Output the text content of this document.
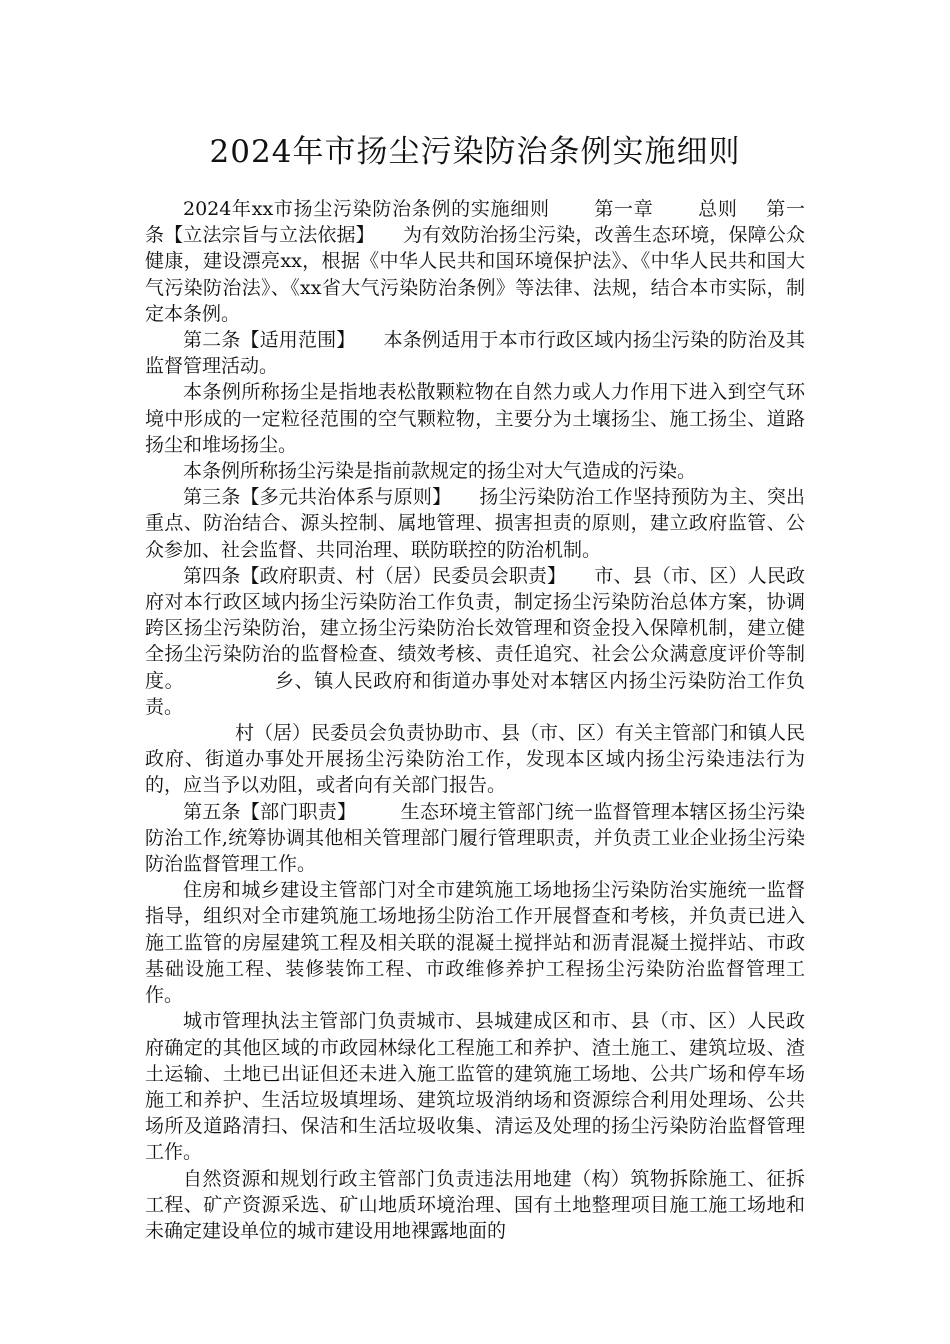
2024年市扬尘污染防治条例实施细则

2024年xx市扬尘污染防治条例的实施细则 第一章 总则 第一条【立法宗旨与立法依据】 为有效防治扬尘污染，改善生态环境，保障公众健康，建设漂亮xx，根据《中华人民共和国环境保护法》、《中华人民共和国大气污染防治法》、《xx省大气污染防治条例》等法律、法规，结合本市实际，制定本条例。

第二条【适用范围】 本条例适用于本市行政区域内扬尘污染的防治及其监督管理活动。

本条例所称扬尘是指地表松散颗粒物在自然力或人力作用下进入到空气环境中形成的一定粒径范围的空气颗粒物，主要分为土壤扬尘、施工扬尘、道路扬尘和堆场扬尘。

本条例所称扬尘污染是指前款规定的扬尘对大气造成的污染。

第三条【多元共治体系与原则】 扬尘污染防治工作坚持预防为主、突出重点、防治结合、源头控制、属地管理、损害担责的原则，建立政府监管、公众参加、社会监督、共同治理、联防联控的防治机制。

第四条【政府职责、村（居）民委员会职责】 市、县（市、区）人民政府对本行政区域内扬尘污染防治工作负责，制定扬尘污染防治总体方案，协调跨区扬尘污染防治，建立扬尘污染防治长效管理和资金投入保障机制，建立健全扬尘污染防治的监督检查、绩效考核、责任追究、社会公众满意度评价等制度。	乡、镇人民政府和街道办事处对本辖区内扬尘污染防治工作负责。

村（居）民委员会负责协助市、县（市、区）有关主管部门和镇人民政府、街道办事处开展扬尘污染防治工作，发现本区域内扬尘污染违法行为的，应当予以劝阻，或者向有关部门报告。

第五条【部门职责】 生态环境主管部门统一监督管理本辖区扬尘污染防治工作,统筹协调其他相关管理部门履行管理职责，并负责工业企业扬尘污染防治监督管理工作。

住房和城乡建设主管部门对全市建筑施工场地扬尘污染防治实施统一监督指导，组织对全市建筑施工场地扬尘防治工作开展督查和考核，并负责已进入施工监管的房屋建筑工程及相关联的混凝土搅拌站和沥青混凝土搅拌站、市政基础设施工程、装修装饰工程、市政维修养护工程扬尘污染防治监督管理工作。

城市管理执法主管部门负责城市、县城建成区和市、县（市、区）人民政府确定的其他区域的市政园林绿化工程施工和养护、渣土施工、建筑垃圾、渣土运输、土地已出证但还未进入施工监管的建筑施工场地、公共广场和停车场施工和养护、生活垃圾填埋场、建筑垃圾消纳场和资源综合利用处理场、公共场所及道路清扫、保洁和生活垃圾收集、清运及处理的扬尘污染防治监督管理工作。

自然资源和规划行政主管部门负责违法用地建（构）筑物拆除施工、征拆工程、矿产资源采选、矿山地质环境治理、国有土地整理项目施工施工场地和未确定建设单位的城市建设用地裸露地面的
